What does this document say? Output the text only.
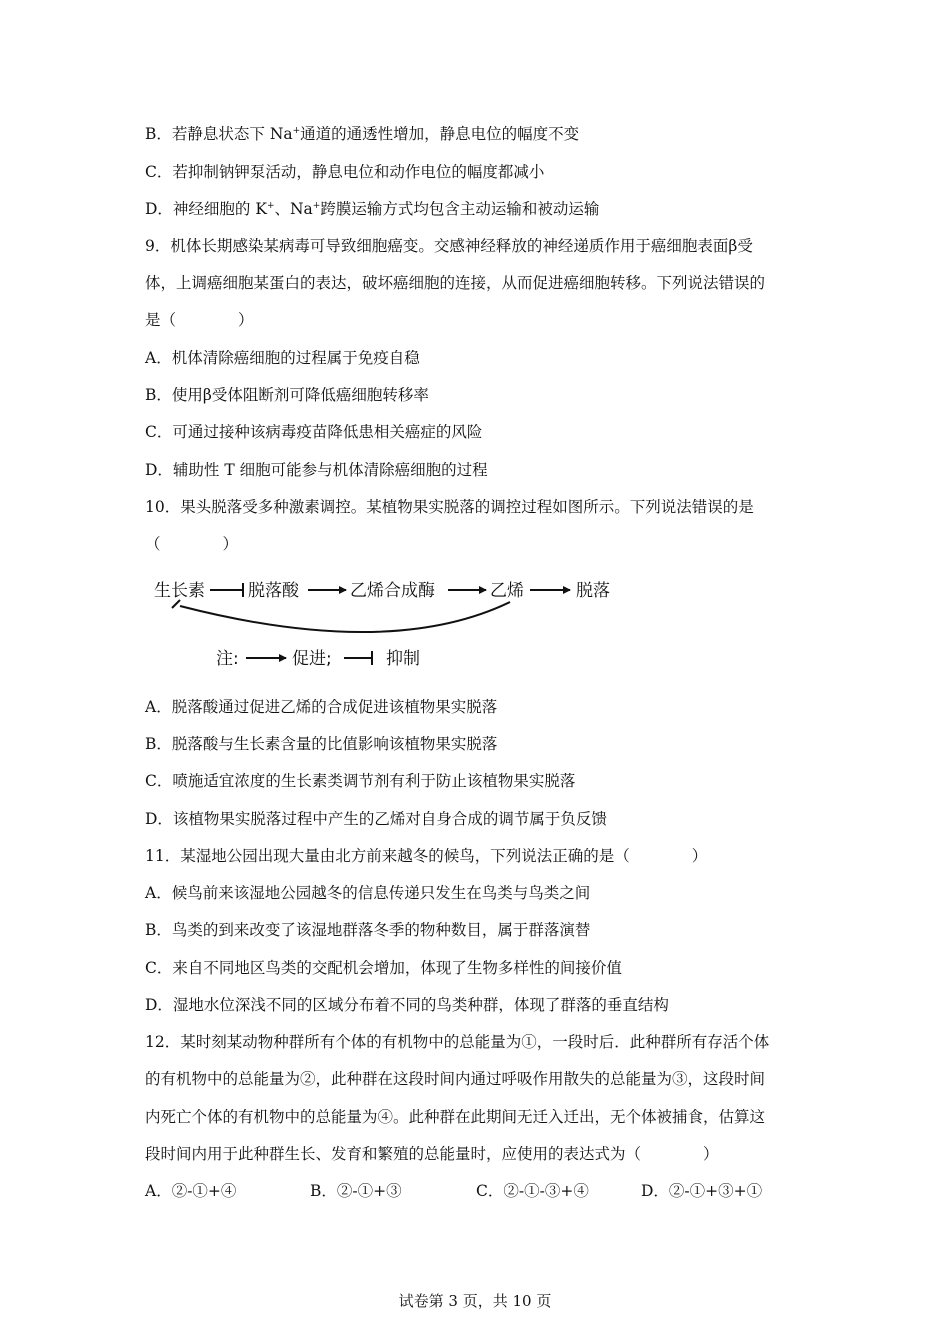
B．若静息状态下 Na+通道的通透性增加，静息电位的幅度不变
C．若抑制钠钾泵活动，静息电位和动作电位的幅度都减小
D．神经细胞的 K+、Na+跨膜运输方式均包含主动运输和被动运输
9．机体长期感染某病毒可导致细胞癌变。交感神经释放的神经递质作用于癌细胞表面β受
体，上调癌细胞某蛋白的表达，破坏癌细胞的连接，从而促进癌细胞转移。下列说法错误的
是（　　　　）
A．机体清除癌细胞的过程属于免疫自稳
B．使用β受体阻断剂可降低癌细胞转移率
C．可通过接种该病毒疫苗降低患相关癌症的风险
D．辅助性 T 细胞可能参与机体清除癌细胞的过程
10．果头脱落受多种激素调控。某植物果实脱落的调控过程如图所示。下列说法错误的是
（　　　　）
生长素	脱落酸	乙烯合成酶	乙烯	脱落
注:	促进;	抑制
A．脱落酸通过促进乙烯的合成促进该植物果实脱落
B．脱落酸与生长素含量的比值影响该植物果实脱落
C．喷施适宜浓度的生长素类调节剂有利于防止该植物果实脱落
D．该植物果实脱落过程中产生的乙烯对自身合成的调节属于负反馈
11．某湿地公园出现大量由北方前来越冬的候鸟，下列说法正确的是（　　　　）
A．候鸟前来该湿地公园越冬的信息传递只发生在鸟类与鸟类之间
B．鸟类的到来改变了该湿地群落冬季的物种数目，属于群落演替
C．来自不同地区鸟类的交配机会增加，体现了生物多样性的间接价值
D．湿地水位深浅不同的区域分布着不同的鸟类种群，体现了群落的垂直结构
12．某时刻某动物种群所有个体的有机物中的总能量为①，一段时后．此种群所有存活个体
的有机物中的总能量为②，此种群在这段时间内通过呼吸作用散失的总能量为③，这段时间
内死亡个体的有机物中的总能量为④。此种群在此期间无迁入迁出，无个体被捕食，估算这
段时间内用于此种群生长、发育和繁殖的总能量时，应使用的表达式为（　　　　）
A．②-①+④	B．②-①+③	C．②-①-③+④	D．②-①+③+①
试卷第 3 页，共 10 页
